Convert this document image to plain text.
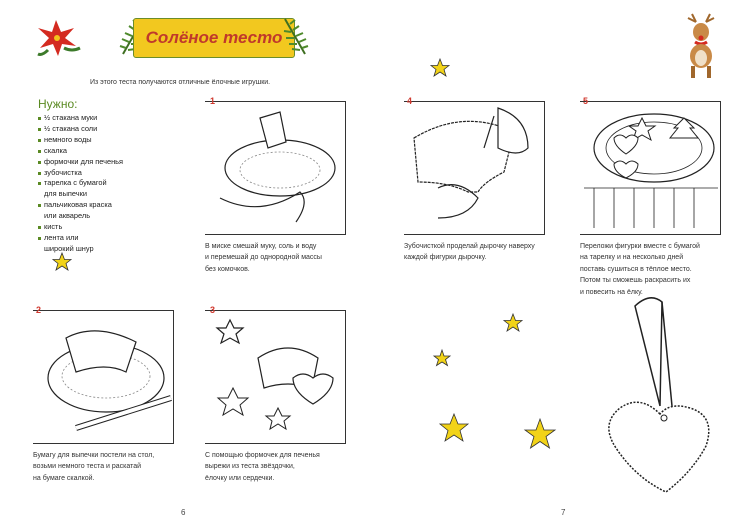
Солёное тесто
Из этого теста получаются отличные ёлочные игрушки.
Нужно:
½ стакана муки
½ стакана соли
немного воды
скалка
формочки для печенья
зубочистка
тарелка с бумагой
для выпечки
пальчиковая краска
или акварель
кисть
лента или
широкий шнур
1
В миске смешай муку, соль и воду
и перемешай до однородной массы
без комочков.
2
Бумагу для выпечки постели на стол,
возьми немного теста и раскатай
на бумаге скалкой.
3
С помощью формочек для печенья
вырежи из теста звёздочки,
ёлочку или сердечки.
4
Зубочисткой проделай дырочку наверху
каждой фигурки дырочку.
5
Переложи фигурки вместе с бумагой
на тарелку и на несколько дней
поставь сушиться в тёплое место.
Потом ты сможешь раскрасить их
и повесить на ёлку.
6	7
